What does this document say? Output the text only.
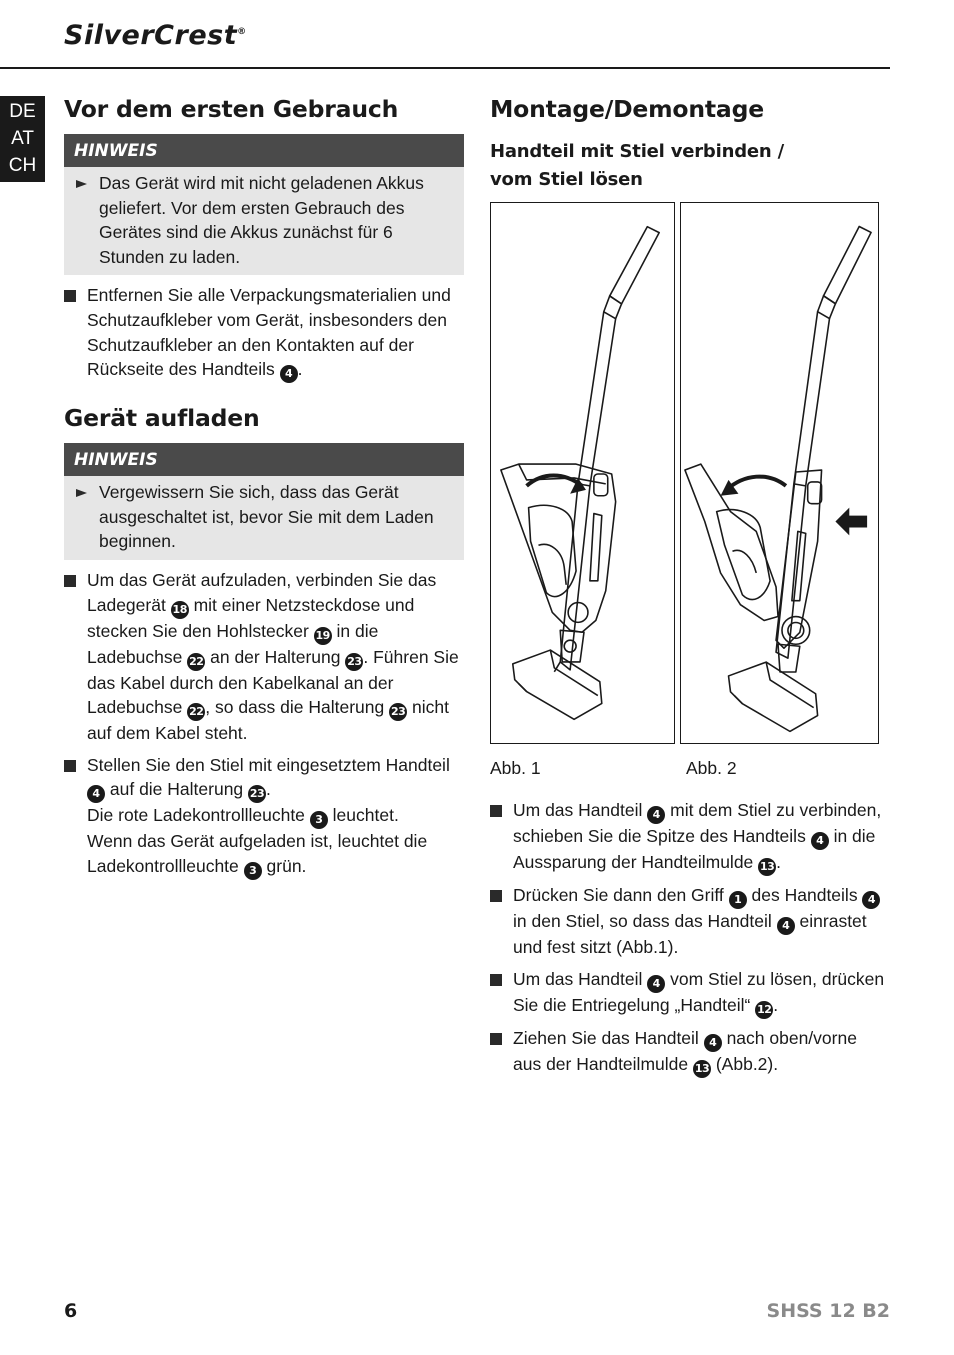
SilverCrest®
DE
AT
CH
Vor dem ersten Gebrauch
HINWEIS
Das Gerät wird mit nicht geladenen Akkus geliefert. Vor dem ersten Gebrauch des Gerätes sind die Akkus zunächst für 6 Stunden zu laden.
Entfernen Sie alle Verpackungsmaterialien und Schutzaufkleber vom Gerät, insbesonders den Schutzaufkleber an den Kontakten auf der Rückseite des Handteils 4 .
Gerät aufladen
HINWEIS
Vergewissern Sie sich, dass das Gerät ausgeschaltet ist, bevor Sie mit dem Laden beginnen.
Um das Gerät aufzuladen, verbinden Sie das Ladegerät 18 mit einer Netzsteckdose und stecken Sie den Hohlstecker 19 in die Ladebuchse 22 an der Halterung 23 . Führen Sie das Kabel durch den Kabelkanal an der Ladebuchse 22 , so dass die Halterung 23 nicht auf dem Kabel steht.
Stellen Sie den Stiel mit eingesetztem Handteil 4 auf die Halterung 23 .
Die rote Ladekontrollleuchte 3 leuchtet.
Wenn das Gerät aufgeladen ist, leuchtet die Ladekontrollleuchte 3 grün.
Montage/Demontage
Handteil mit Stiel verbinden /
vom Stiel lösen
Abb. 1	Abb. 2
Um das Handteil 4 mit dem Stiel zu verbinden, schieben Sie die Spitze des Handteils 4 in die Aussparung der Handteilmulde 13 .
Drücken Sie dann den Griff 1 des Handteils 4 in den Stiel, so dass das Handteil 4 einrastet und fest sitzt (Abb.1).
Um das Handteil 4 vom Stiel zu lösen, drücken Sie die Entriegelung „Handteil“ 12 .
Ziehen Sie das Handteil 4 nach oben/vorne aus der Handteilmulde 13 (Abb.2).
6	SHSS 12 B2
